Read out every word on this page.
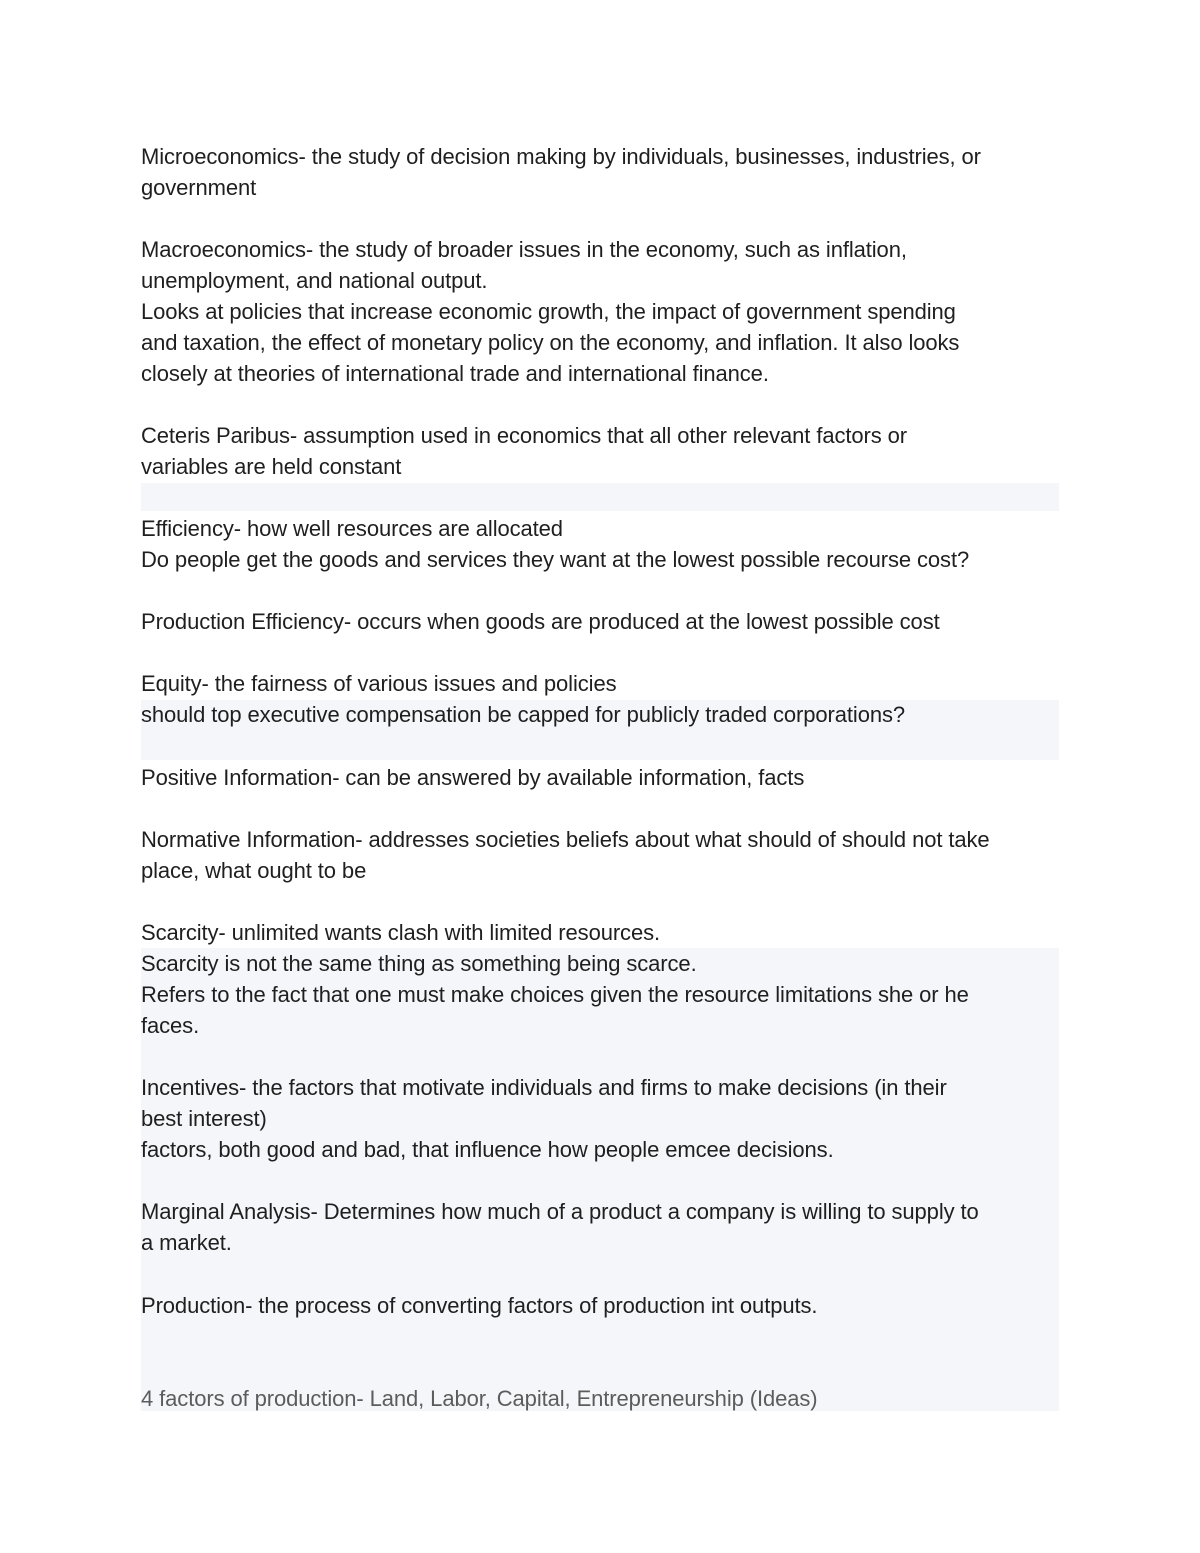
Microeconomics- the study of decision making by individuals, businesses, industries, or
government
Macroeconomics- the study of broader issues in the economy, such as inflation,
unemployment, and national output.
Looks at policies that increase economic growth, the impact of government spending
and taxation, the effect of monetary policy on the economy, and inflation. It also looks
closely at theories of international trade and international finance.
Ceteris Paribus- assumption used in economics that all other relevant factors or
variables are held constant
Efficiency- how well resources are allocated
Do people get the goods and services they want at the lowest possible recourse cost?
Production Efficiency- occurs when goods are produced at the lowest possible cost
Equity- the fairness of various issues and policies
should top executive compensation be capped for publicly traded corporations?
Positive Information- can be answered by available information, facts
Normative Information- addresses societies beliefs about what should of should not take
place, what ought to be
Scarcity- unlimited wants clash with limited resources.
Scarcity is not the same thing as something being scarce.
Refers to the fact that one must make choices given the resource limitations she or he
faces.
Incentives- the factors that motivate individuals and firms to make decisions (in their
best interest)
factors, both good and bad, that influence how people emcee decisions.
Marginal Analysis- Determines how much of a product a company is willing to supply to
a market.
Production- the process of converting factors of production int outputs.
4 factors of production- Land, Labor, Capital, Entrepreneurship (Ideas)
